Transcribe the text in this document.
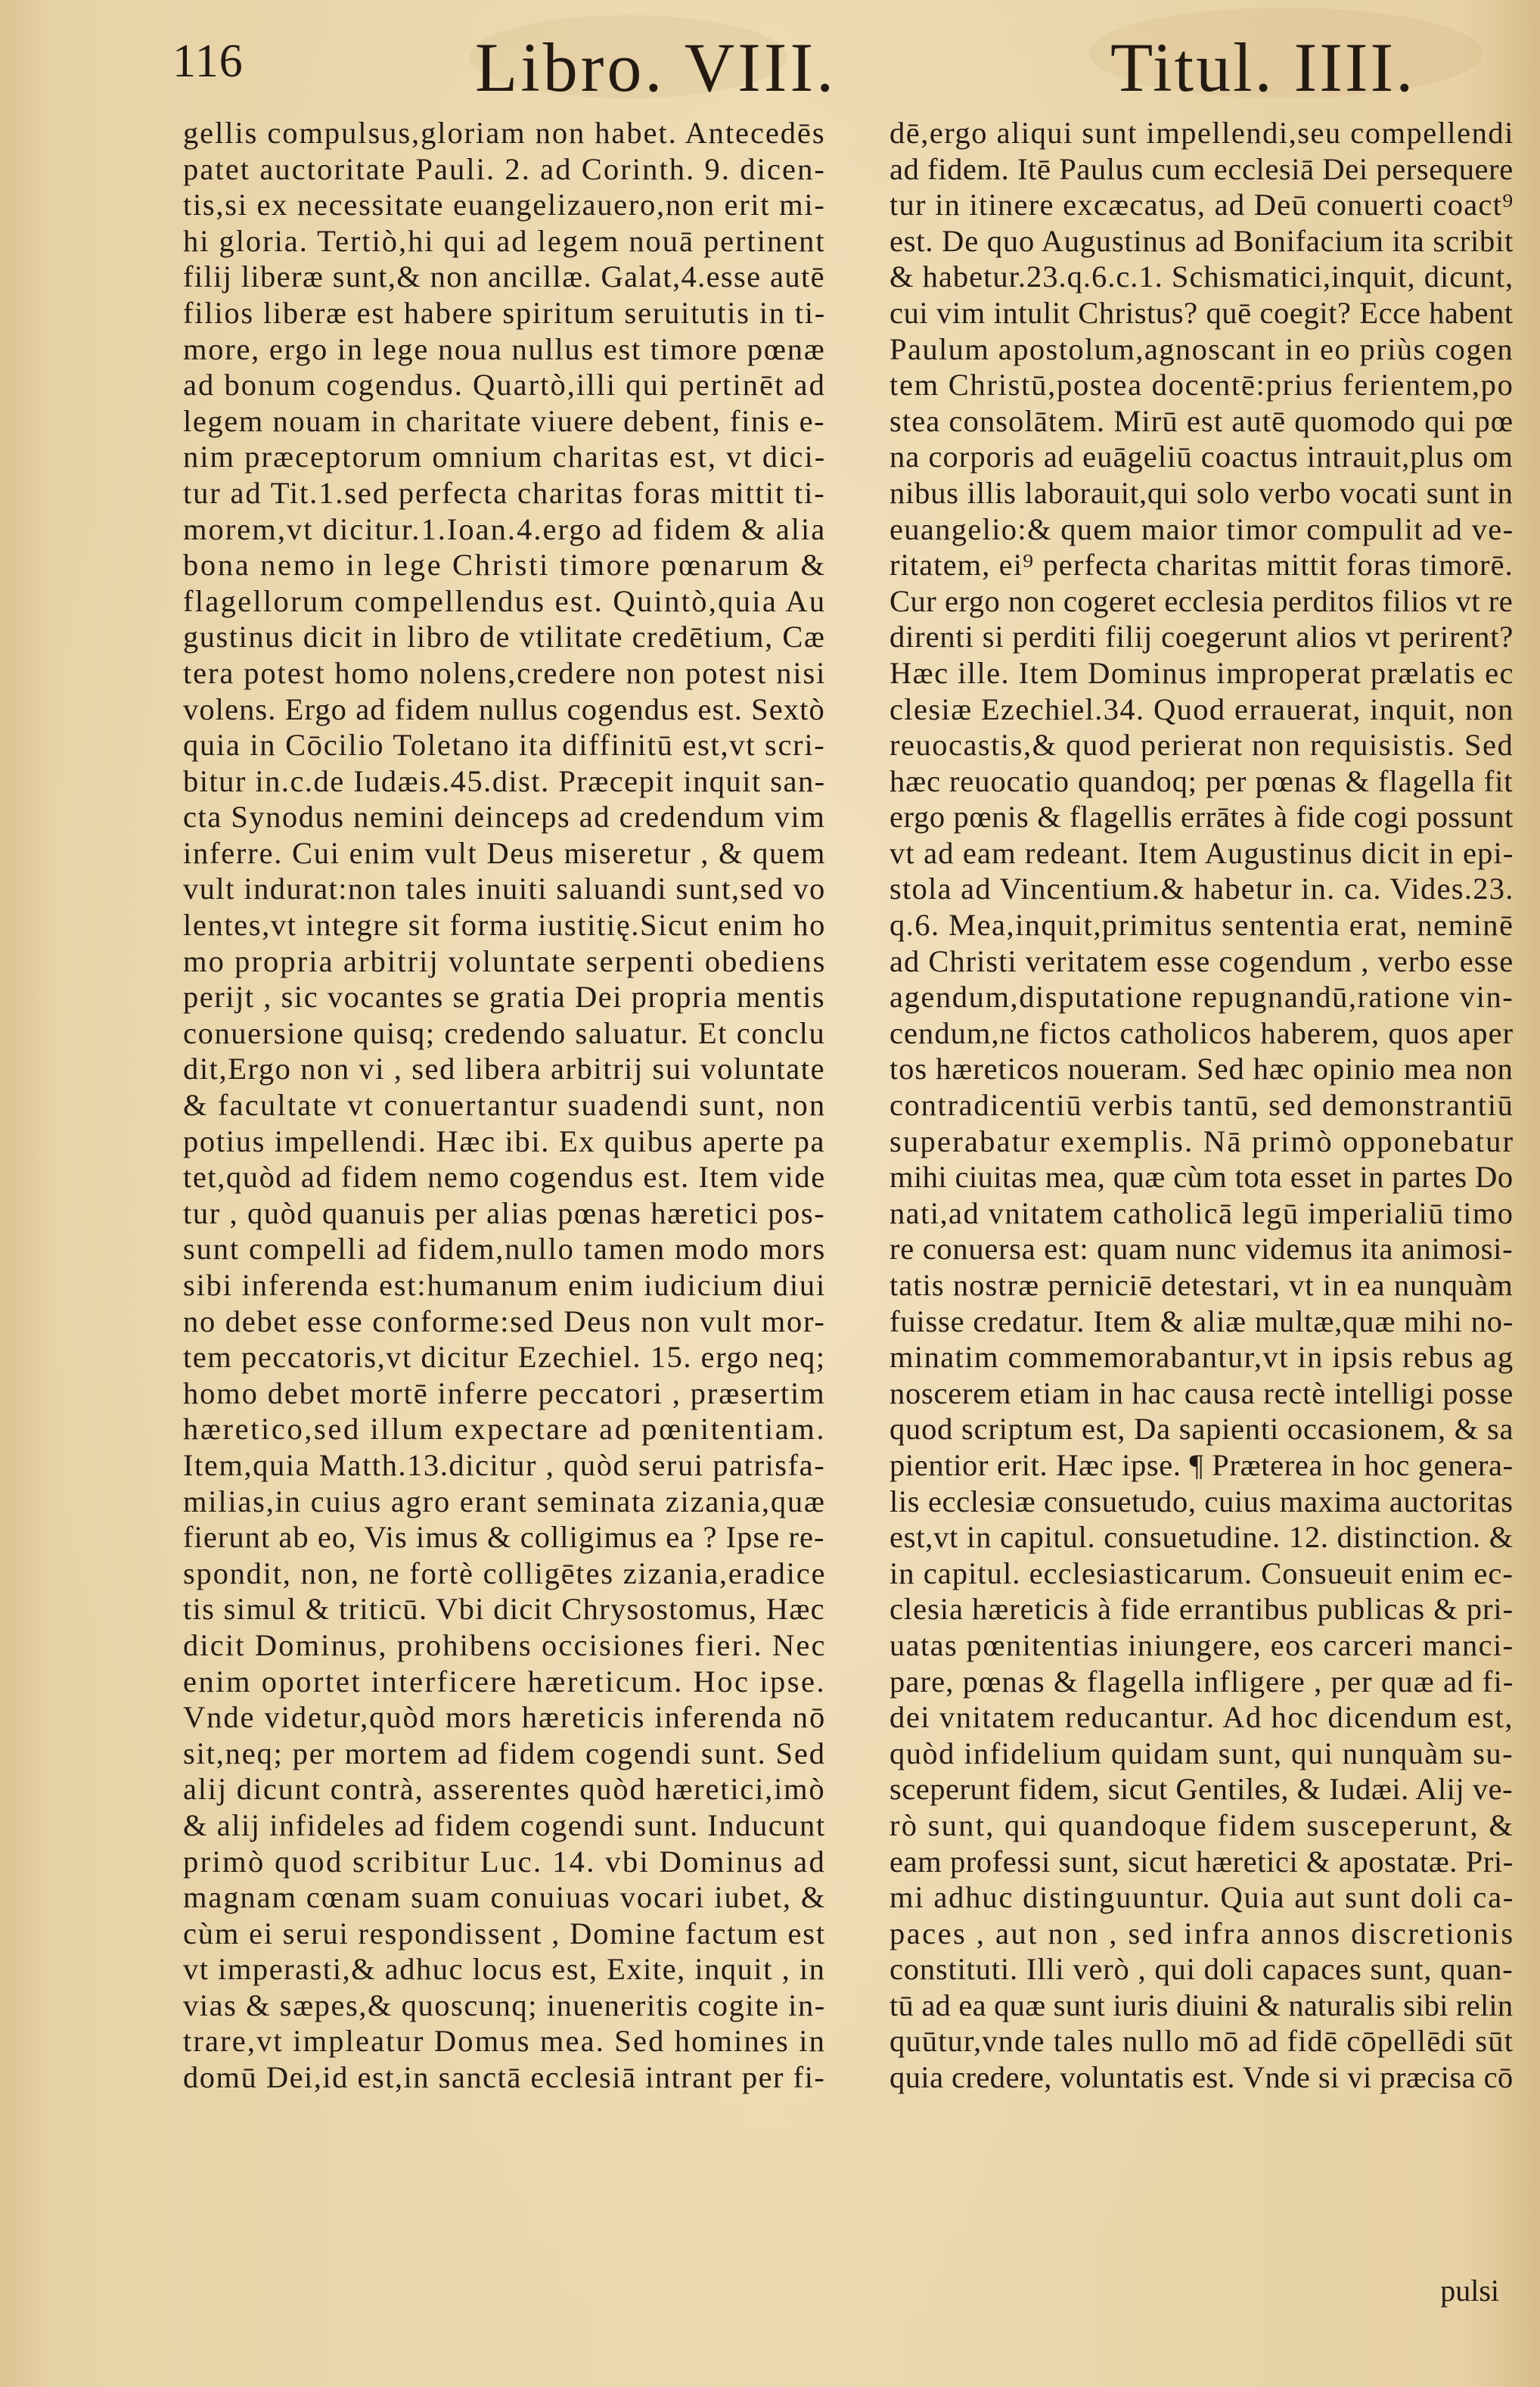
116	Libro. VIII.	Titul. IIII.
gellis compulsus,gloriam non habet. Antecedēs
patet auctoritate Pauli. 2. ad Corinth. 9. dicen-
tis,si ex necessitate euangelizauero,non erit mi-
hi gloria. Tertiò,hi qui ad legem nouā pertinent
filij liberæ sunt,& non ancillæ. Galat,4.esse autē
filios liberæ est habere spiritum seruitutis in ti-
more, ergo in lege noua nullus est timore pœnæ
ad bonum cogendus. Quartò,illi qui pertinēt ad
legem nouam in charitate viuere debent, finis e-
nim præceptorum omnium charitas est, vt dici-
tur ad Tit.1.sed perfecta charitas foras mittit ti-
morem,vt dicitur.1.Ioan.4.ergo ad fidem & alia
bona nemo in lege Christi timore pœnarum &
flagellorum compellendus est. Quintò,quia Au
gustinus dicit in libro de vtilitate credētium, Cæ
tera potest homo nolens,credere non potest nisi
volens. Ergo ad fidem nullus cogendus est. Sextò
quia in Cōcilio Toletano ita diffinitū est,vt scri-
bitur in.c.de Iudæis.45.dist. Præcepit inquit san-
cta Synodus nemini deinceps ad credendum vim
inferre. Cui enim vult Deus miseretur , & quem
vult indurat:non tales inuiti saluandi sunt,sed vo
lentes,vt integre sit forma iustitię.Sicut enim ho
mo propria arbitrij voluntate serpenti obediens
perijt , sic vocantes se gratia Dei propria mentis
conuersione quisq; credendo saluatur. Et conclu
dit,Ergo non vi , sed libera arbitrij sui voluntate
& facultate vt conuertantur suadendi sunt, non
potius impellendi. Hæc ibi. Ex quibus aperte pa
tet,quòd ad fidem nemo cogendus est. Item vide
tur , quòd quanuis per alias pœnas hæretici pos-
sunt compelli ad fidem,nullo tamen modo mors
sibi inferenda est:humanum enim iudicium diui
no debet esse conforme:sed Deus non vult mor-
tem peccatoris,vt dicitur Ezechiel. 15. ergo neq;
homo debet mortē inferre peccatori , præsertim
hæretico,sed illum expectare ad pœnitentiam.
Item,quia Matth.13.dicitur , quòd serui patrisfa-
milias,in cuius agro erant seminata zizania,quæ
fierunt ab eo, Vis imus & colligimus ea ? Ipse re-
spondit, non, ne fortè colligētes zizania,eradice
tis simul & triticū. Vbi dicit Chrysostomus, Hæc
dicit Dominus, prohibens occisiones fieri. Nec
enim oportet interficere hæreticum. Hoc ipse.
Vnde videtur,quòd mors hæreticis inferenda nō
sit,neq; per mortem ad fidem cogendi sunt. Sed
alij dicunt contrà, asserentes quòd hæretici,imò
& alij infideles ad fidem cogendi sunt. Inducunt
primò quod scribitur Luc. 14. vbi Dominus ad
magnam cœnam suam conuiuas vocari iubet, &
cùm ei serui respondissent , Domine factum est
vt imperasti,& adhuc locus est, Exite, inquit , in
vias & sæpes,& quoscunq; inueneritis cogite in-
trare,vt impleatur Domus mea. Sed homines in
domū Dei,id est,in sanctā ecclesiā intrant per fi-
dē,ergo aliqui sunt impellendi,seu compellendi
ad fidem. Itē Paulus cum ecclesiā Dei persequere
tur in itinere excæcatus, ad Deū conuerti coact⁹
est. De quo Augustinus ad Bonifacium ita scribit
& habetur.23.q.6.c.1. Schismatici,inquit, dicunt,
cui vim intulit Christus? quē coegit? Ecce habent
Paulum apostolum,agnoscant in eo priùs cogen
tem Christū,postea docentē:prius ferientem,po
stea consolātem. Mirū est autē quomodo qui pœ
na corporis ad euāgeliū coactus intrauit,plus om
nibus illis laborauit,qui solo verbo vocati sunt in
euangelio:& quem maior timor compulit ad ve-
ritatem, ei⁹ perfecta charitas mittit foras timorē.
Cur ergo non cogeret ecclesia perditos filios vt re
direnti si perditi filij coegerunt alios vt perirent?
Hæc ille. Item Dominus improperat prælatis ec
clesiæ Ezechiel.34. Quod errauerat, inquit, non
reuocastis,& quod perierat non requisistis. Sed
hæc reuocatio quandoq; per pœnas & flagella fit
ergo pœnis & flagellis errātes à fide cogi possunt
vt ad eam redeant. Item Augustinus dicit in epi-
stola ad Vincentium.& habetur in. ca. Vides.23.
q.6. Mea,inquit,primitus sententia erat, neminē
ad Christi veritatem esse cogendum , verbo esse
agendum,disputatione repugnandū,ratione vin-
cendum,ne fictos catholicos haberem, quos aper
tos hæreticos noueram. Sed hæc opinio mea non
contradicentiū verbis tantū, sed demonstrantiū
superabatur exemplis. Nā primò opponebatur
mihi ciuitas mea, quæ cùm tota esset in partes Do
nati,ad vnitatem catholicā legū imperialiū timo
re conuersa est: quam nunc videmus ita animosi-
tatis nostræ perniciē detestari, vt in ea nunquàm
fuisse credatur. Item & aliæ multæ,quæ mihi no-
minatim commemorabantur,vt in ipsis rebus ag
noscerem etiam in hac causa rectè intelligi posse
quod scriptum est, Da sapienti occasionem, & sa
pientior erit. Hæc ipse. ¶ Præterea in hoc genera-
lis ecclesiæ consuetudo, cuius maxima auctoritas
est,vt in capitul. consuetudine. 12. distinction. &
in capitul. ecclesiasticarum. Consueuit enim ec-
clesia hæreticis à fide errantibus publicas & pri-
uatas pœnitentias iniungere, eos carceri manci-
pare, pœnas & flagella infligere , per quæ ad fi-
dei vnitatem reducantur. Ad hoc dicendum est,
quòd infidelium quidam sunt, qui nunquàm su-
sceperunt fidem, sicut Gentiles, & Iudæi. Alij ve-
rò sunt, qui quandoque fidem susceperunt, &
eam professi sunt, sicut hæretici & apostatæ. Pri-
mi adhuc distinguuntur. Quia aut sunt doli ca-
paces , aut non , sed infra annos discretionis
constituti. Illi verò , qui doli capaces sunt, quan-
tū ad ea quæ sunt iuris diuini & naturalis sibi relin
quūtur,vnde tales nullo mō ad fidē cōpellēdi sūt
quia credere, voluntatis est. Vnde si vi præcisa cō
pulsi
